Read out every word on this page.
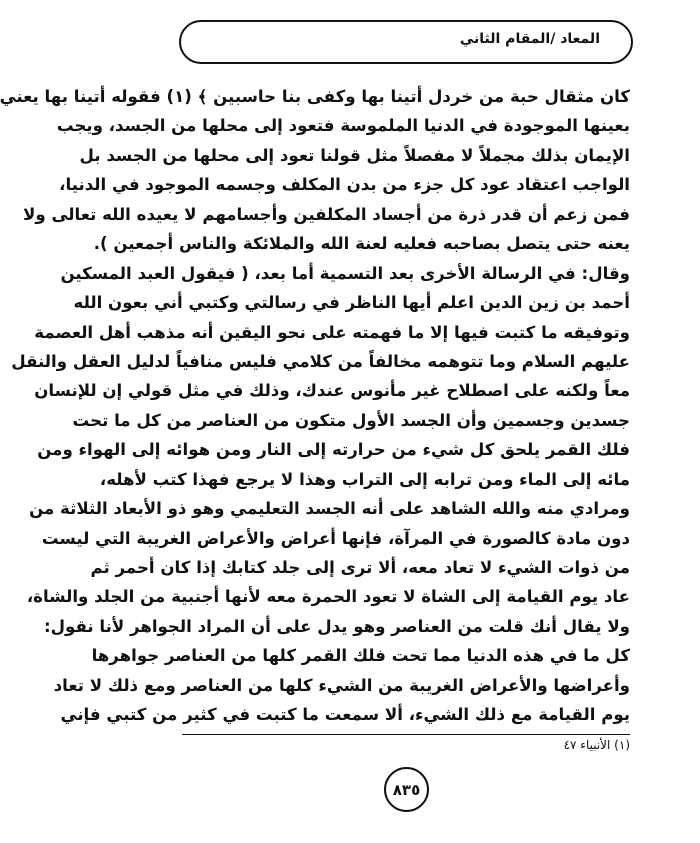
المعاد /المقام الثاني
كان مثقال حبة من خردل أتينا بها وكفى بنا حاسبين ﴾ (١) فقوله أتينا بها يعني
بعينها الموجودة في الدنيا الملموسة فتعود إلى محلها من الجسد، ويجب
الإيمان بذلك مجملاً لا مفصلاً مثل قولنا تعود إلى محلها من الجسد بل
الواجب اعتقاد عود كل جزء من بدن المكلف وجسمه الموجود في الدنيا،
فمن زعم أن قدر ذرة من أجساد المكلفين وأجسامهم لا يعيده الله تعالى ولا
يعنه حتى يتصل بصاحبه فعليه لعنة الله والملائكة والناس أجمعين ).
وقال: في الرسالة الأخرى بعد التسمية أما بعد، ( فيقول العبد المسكين
أحمد بن زين الدين اعلم أيها الناظر في رسالتي وكتبي أني بعون الله
وتوفيقه ما كتبت فيها إلا ما فهمته على نحو اليقين أنه مذهب أهل العصمة
عليهم السلام وما تتوهمه مخالفاً من كلامي فليس منافياً لدليل العقل والنقل
معاً ولكنه على اصطلاح غير مأنوس عندك، وذلك في مثل قولي إن للإنسان
جسدين وجسمين وأن الجسد الأول متكون من العناصر من كل ما تحت
فلك القمر يلحق كل شيء من حرارته إلى النار ومن هوائه إلى الهواء ومن
مائه إلى الماء ومن ترابه إلى التراب وهذا لا يرجع فهذا كتب لأهله،
ومرادي منه والله الشاهد على أنه الجسد التعليمي وهو ذو الأبعاد الثلاثة من
دون مادة كالصورة في المرآة، فإنها أعراض والأعراض الغريبة التي ليست
من ذوات الشيء لا تعاد معه، ألا ترى إلى جلد كتابك إذا كان أحمر ثم
عاد يوم القيامة إلى الشاة لا تعود الحمرة معه لأنها أجنبية من الجلد والشاة،
ولا يقال أنك قلت من العناصر وهو يدل على أن المراد الجواهر لأنا نقول:
كل ما في هذه الدنيا مما تحت فلك القمر كلها من العناصر جواهرها
وأعراضها والأعراض الغريبة من الشيء كلها من العناصر ومع ذلك لا تعاد
يوم القيامة مع ذلك الشيء، ألا سمعت ما كتبت في كثير من كتبي فإني
(١) الأنبياء ٤٧
٨٣٥
